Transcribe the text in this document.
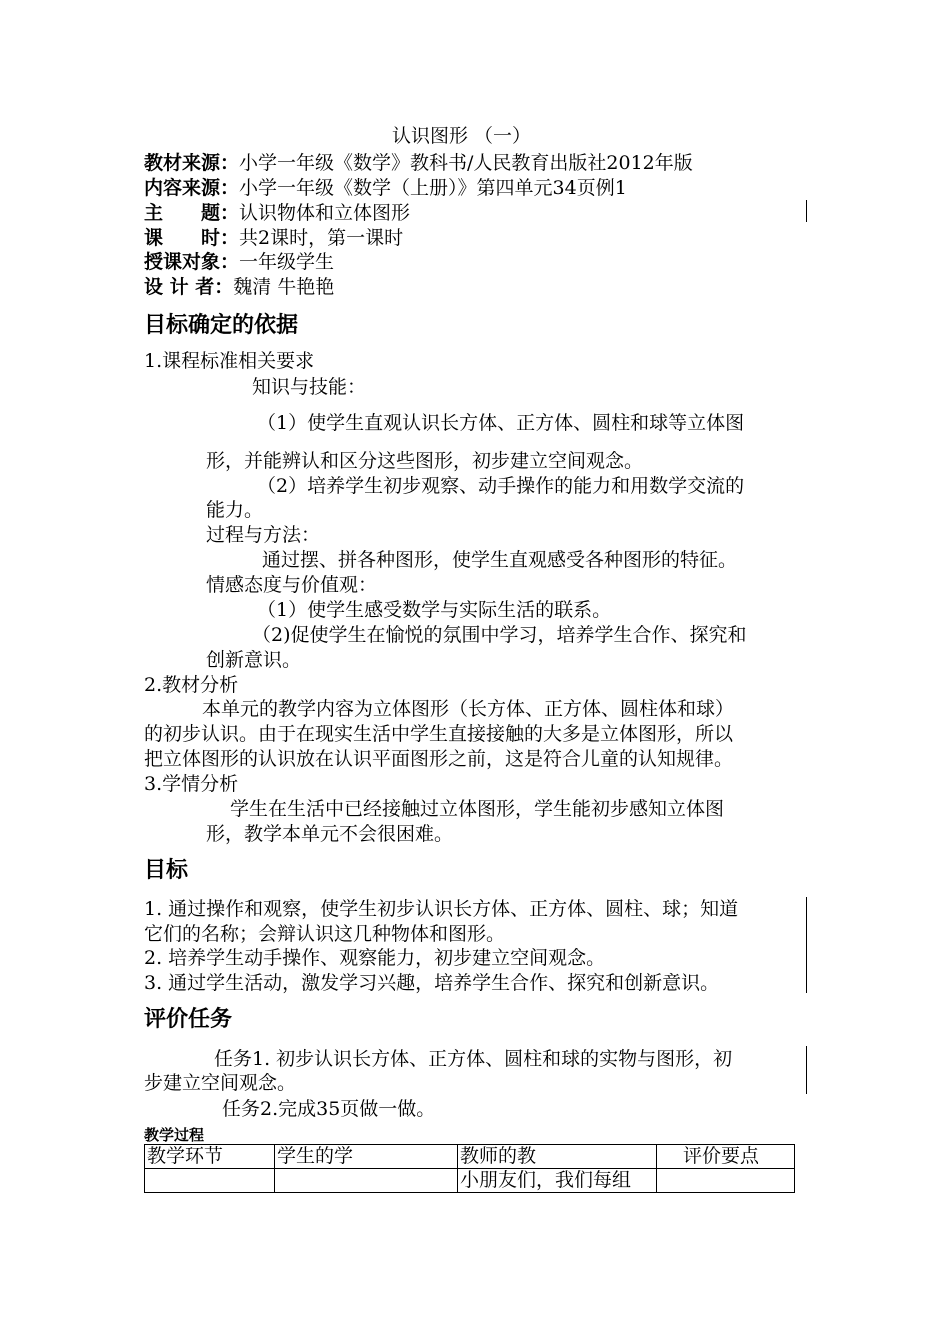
认识图形 （一）
教材来源：小学一年级《数学》教科书/人民教育出版社2012年版
内容来源：小学一年级《数学（上册）》第四单元34页例1
主　　题：认识物体和立体图形
课　　时：共2课时，第一课时
授课对象：一年级学生
设 计 者：魏清 牛艳艳
目标确定的依据
1.课程标准相关要求
知识与技能：
（1）使学生直观认识长方体、正方体、圆柱和球等立体图
形，并能辨认和区分这些图形，初步建立空间观念。
（2）培养学生初步观察、动手操作的能力和用数学交流的
能力。
过程与方法：
通过摆、拼各种图形，使学生直观感受各种图形的特征。
情感态度与价值观：
（1）使学生感受数学与实际生活的联系。
（2)促使学生在愉悦的氛围中学习，培养学生合作、探究和
创新意识。
2.教材分析
本单元的教学内容为立体图形（长方体、正方体、圆柱体和球）
的初步认识。由于在现实生活中学生直接接触的大多是立体图形，所以
把立体图形的认识放在认识平面图形之前，这是符合儿童的认知规律。
3.学情分析
学生在生活中已经接触过立体图形，学生能初步感知立体图
形，教学本单元不会很困难。
目标
1. 通过操作和观察，使学生初步认识长方体、正方体、圆柱、球；知道
它们的名称；会辩认识这几种物体和图形。
2. 培养学生动手操作、观察能力，初步建立空间观念。
3. 通过学生活动，激发学习兴趣，培养学生合作、探究和创新意识。
评价任务
任务1. 初步认识长方体、正方体、圆柱和球的实物与图形，初
步建立空间观念。
任务2.完成35页做一做。
教学过程
教学环节	学生的学	教师的教	评价要点
		小朋友们，我们每组	
